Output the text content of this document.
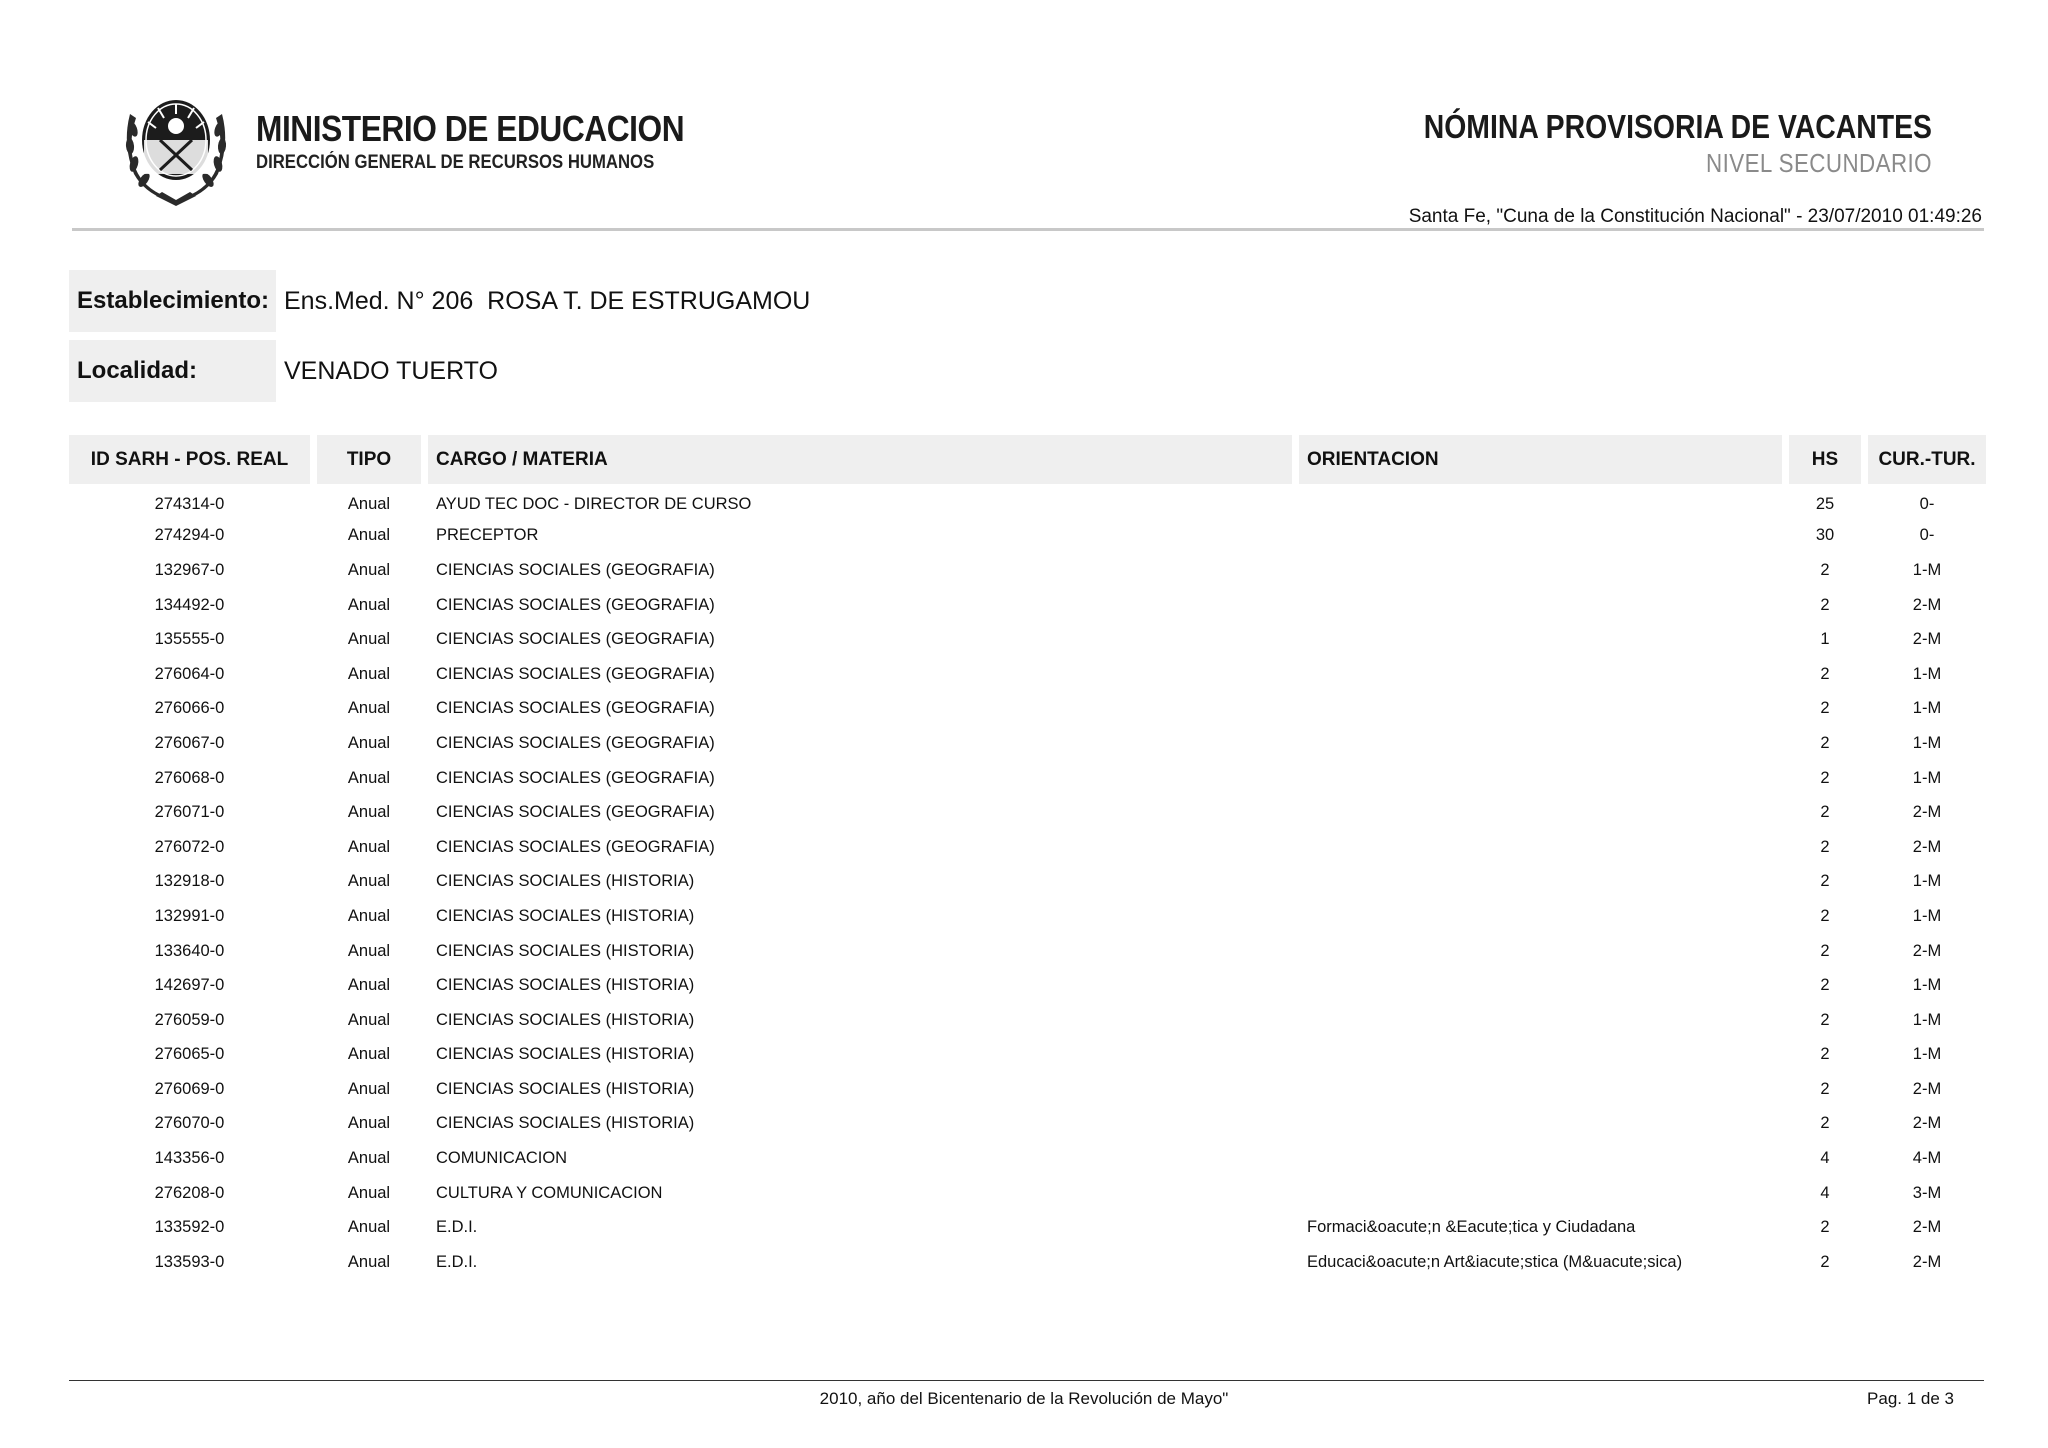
MINISTERIO DE EDUCACION
DIRECCIÓN GENERAL DE RECURSOS HUMANOS
NÓMINA PROVISORIA DE VACANTES
NIVEL SECUNDARIO
Santa Fe, "Cuna de la Constitución Nacional" - 23/07/2010 01:49:26
Establecimiento: Ens.Med. N° 206  ROSA T. DE ESTRUGAMOU
Localidad:	VENADO TUERTO
ID SARH - POS. REAL	TIPO	CARGO / MATERIA	ORIENTACION	HS	CUR.-TUR.
274314-0	Anual	AYUD TEC DOC - DIRECTOR DE CURSO		25	0-
274294-0	Anual	PRECEPTOR		30	0-
132967-0	Anual	CIENCIAS SOCIALES (GEOGRAFIA)		2	1-M
134492-0	Anual	CIENCIAS SOCIALES (GEOGRAFIA)		2	2-M
135555-0	Anual	CIENCIAS SOCIALES (GEOGRAFIA)		1	2-M
276064-0	Anual	CIENCIAS SOCIALES (GEOGRAFIA)		2	1-M
276066-0	Anual	CIENCIAS SOCIALES (GEOGRAFIA)		2	1-M
276067-0	Anual	CIENCIAS SOCIALES (GEOGRAFIA)		2	1-M
276068-0	Anual	CIENCIAS SOCIALES (GEOGRAFIA)		2	1-M
276071-0	Anual	CIENCIAS SOCIALES (GEOGRAFIA)		2	2-M
276072-0	Anual	CIENCIAS SOCIALES (GEOGRAFIA)		2	2-M
132918-0	Anual	CIENCIAS SOCIALES (HISTORIA)		2	1-M
132991-0	Anual	CIENCIAS SOCIALES (HISTORIA)		2	1-M
133640-0	Anual	CIENCIAS SOCIALES (HISTORIA)		2	2-M
142697-0	Anual	CIENCIAS SOCIALES (HISTORIA)		2	1-M
276059-0	Anual	CIENCIAS SOCIALES (HISTORIA)		2	1-M
276065-0	Anual	CIENCIAS SOCIALES (HISTORIA)		2	1-M
276069-0	Anual	CIENCIAS SOCIALES (HISTORIA)		2	2-M
276070-0	Anual	CIENCIAS SOCIALES (HISTORIA)		2	2-M
143356-0	Anual	COMUNICACION		4	4-M
276208-0	Anual	CULTURA Y COMUNICACION		4	3-M
133592-0	Anual	E.D.I.	Formaci&oacute;n &Eacute;tica y Ciudadana	2	2-M
133593-0	Anual	E.D.I.	Educaci&oacute;n Art&iacute;stica (M&uacute;sica)	2	2-M
2010, año del Bicentenario de la Revolución de Mayo"	Pag. 1 de 3
